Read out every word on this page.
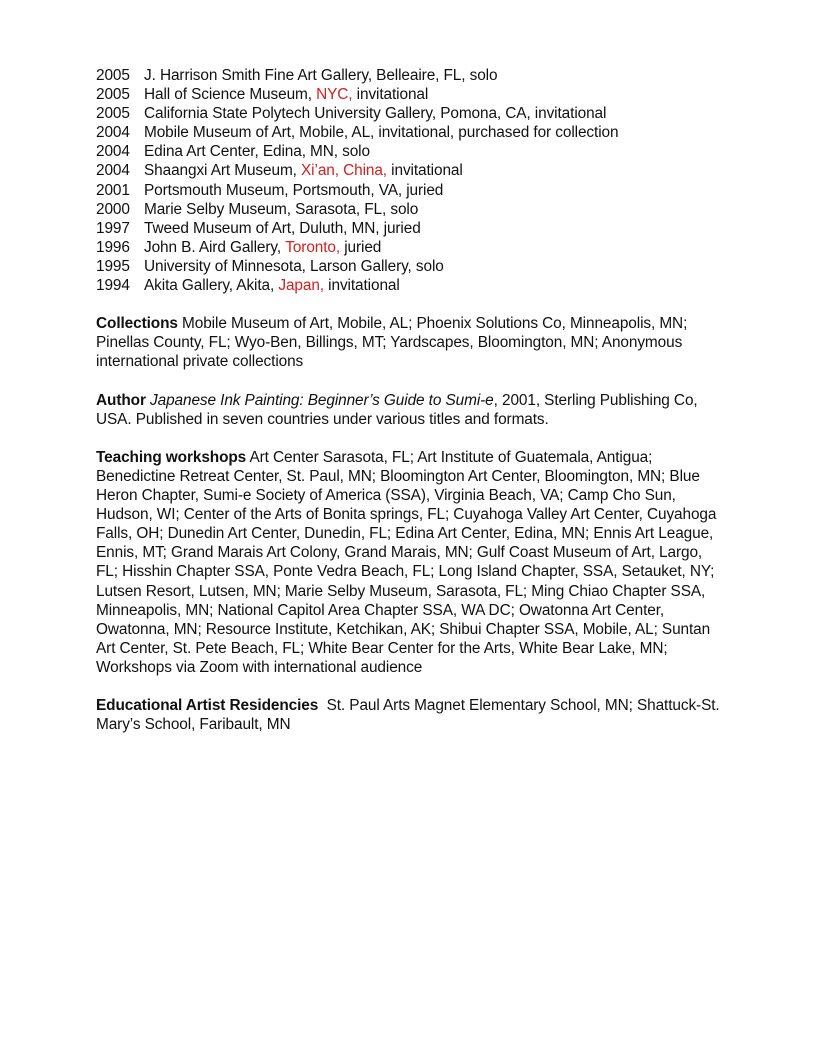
2005 J. Harrison Smith Fine Art Gallery, Belleaire, FL, solo
2005 Hall of Science Museum, NYC, invitational
2005 California State Polytech University Gallery, Pomona, CA, invitational
2004 Mobile Museum of Art, Mobile, AL, invitational, purchased for collection
2004 Edina Art Center, Edina, MN, solo
2004 Shaangxi Art Museum, Xi’an, China, invitational
2001 Portsmouth Museum, Portsmouth, VA, juried
2000 Marie Selby Museum, Sarasota, FL, solo
1997 Tweed Museum of Art, Duluth, MN, juried
1996 John B. Aird Gallery, Toronto, juried
1995 University of Minnesota, Larson Gallery, solo
1994 Akita Gallery, Akita, Japan, invitational

Collections Mobile Museum of Art, Mobile, AL; Phoenix Solutions Co, Minneapolis, MN; Pinellas County, FL; Wyo-Ben, Billings, MT; Yardscapes, Bloomington, MN; Anonymous international private collections

Author Japanese Ink Painting: Beginner’s Guide to Sumi-e, 2001, Sterling Publishing Co, USA. Published in seven countries under various titles and formats.

Teaching workshops Art Center Sarasota, FL; Art Institute of Guatemala, Antigua; Benedictine Retreat Center, St. Paul, MN; Bloomington Art Center, Bloomington, MN; Blue Heron Chapter, Sumi-e Society of America (SSA), Virginia Beach, VA; Camp Cho Sun, Hudson, WI; Center of the Arts of Bonita springs, FL; Cuyahoga Valley Art Center, Cuyahoga Falls, OH; Dunedin Art Center, Dunedin, FL; Edina Art Center, Edina, MN; Ennis Art League, Ennis, MT; Grand Marais Art Colony, Grand Marais, MN; Gulf Coast Museum of Art, Largo, FL; Hisshin Chapter SSA, Ponte Vedra Beach, FL; Long Island Chapter, SSA, Setauket, NY; Lutsen Resort, Lutsen, MN; Marie Selby Museum, Sarasota, FL; Ming Chiao Chapter SSA, Minneapolis, MN; National Capitol Area Chapter SSA, WA DC; Owatonna Art Center, Owatonna, MN; Resource Institute, Ketchikan, AK; Shibui Chapter SSA, Mobile, AL; Suntan Art Center, St. Pete Beach, FL; White Bear Center for the Arts, White Bear Lake, MN; Workshops via Zoom with international audience

Educational Artist Residencies  St. Paul Arts Magnet Elementary School, MN; Shattuck-St. Mary’s School, Faribault, MN
